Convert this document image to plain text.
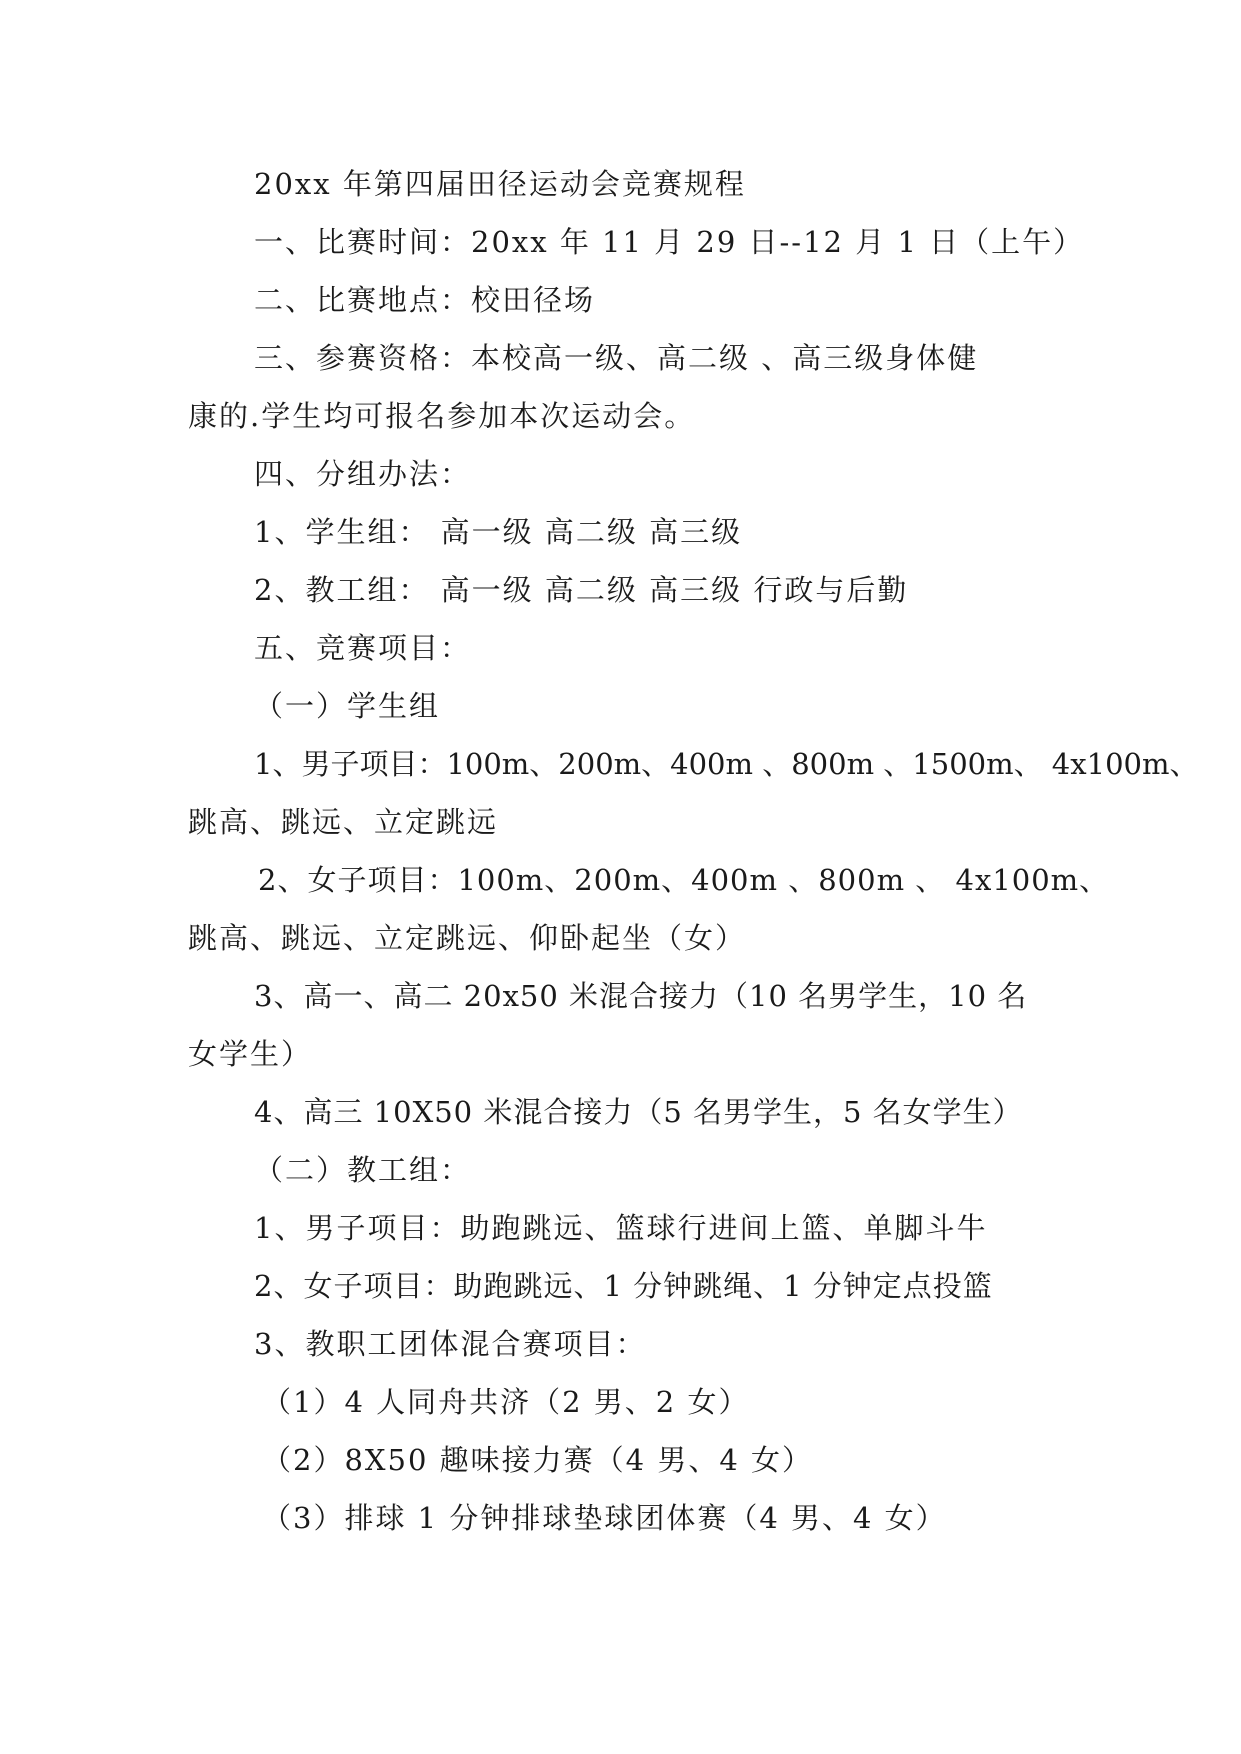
20xx 年第四届田径运动会竞赛规程
一、比赛时间：20xx 年 11 月 29 日--12 月 1 日（上午）
二、比赛地点：校田径场
三、参赛资格：本校高一级、高二级 、高三级身体健
康的.学生均可报名参加本次运动会。
四、分组办法：
1、学生组： 高一级 高二级 高三级
2、教工组： 高一级 高二级 高三级 行政与后勤
五、竞赛项目：
（一）学生组
1、男子项目：100m、200m、400m 、800m 、1500m、 4x100m、
跳高、跳远、立定跳远
2、女子项目：100m、200m、400m 、800m 、 4x100m、
跳高、跳远、立定跳远、仰卧起坐（女）
3、高一、高二 20x50 米混合接力（10 名男学生，10 名
女学生）
4、高三 10X50 米混合接力（5 名男学生，5 名女学生）
（二）教工组：
1、男子项目：助跑跳远、篮球行进间上篮、单脚斗牛
2、女子项目：助跑跳远、1 分钟跳绳、1 分钟定点投篮
3、教职工团体混合赛项目：
（1）4 人同舟共济（2 男、2 女）
（2）8X50 趣味接力赛（4 男、4 女）
（3）排球 1 分钟排球垫球团体赛（4 男、4 女）
